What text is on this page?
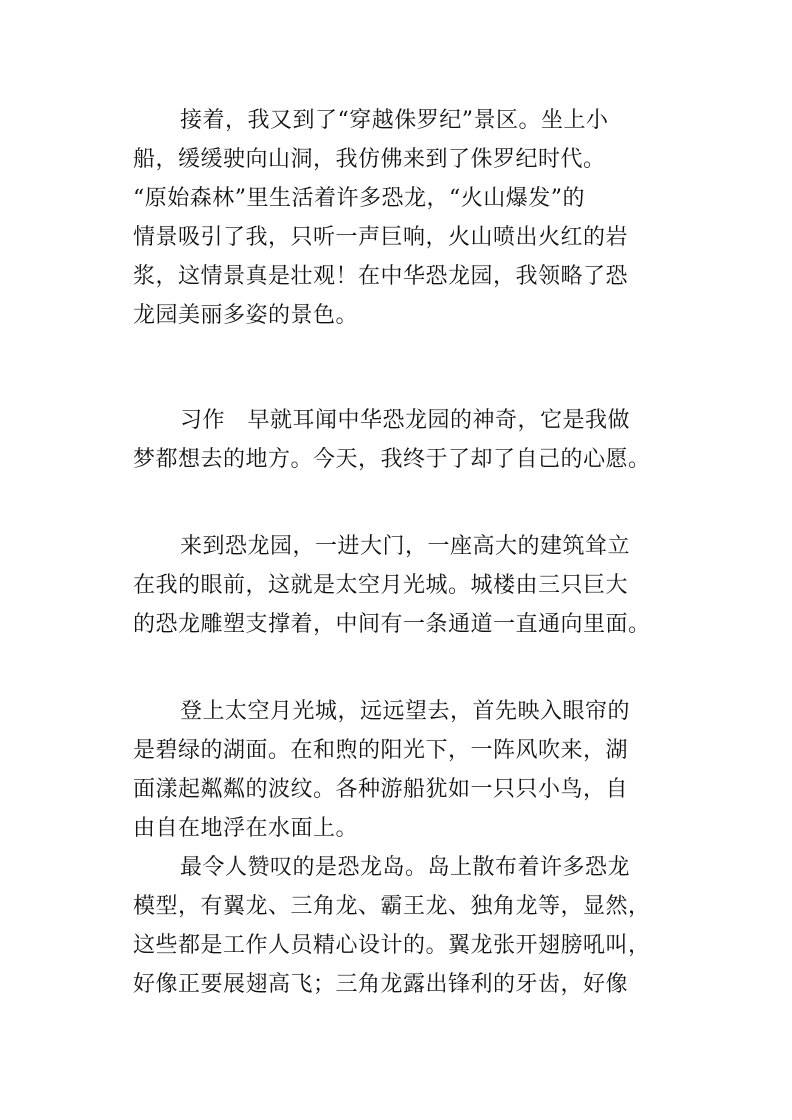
接着，我又到了“穿越侏罗纪”景区。坐上小
船，缓缓驶向山洞，我仿佛来到了侏罗纪时代。
“原始森林”里生活着许多恐龙，“火山爆发”的
情景吸引了我，只听一声巨响，火山喷出火红的岩
浆，这情景真是壮观！在中华恐龙园，我领略了恐
龙园美丽多姿的景色。
习作　早就耳闻中华恐龙园的神奇，它是我做
梦都想去的地方。今天，我终于了却了自己的心愿。
来到恐龙园，一进大门，一座高大的建筑耸立
在我的眼前，这就是太空月光城。城楼由三只巨大
的恐龙雕塑支撑着，中间有一条通道一直通向里面。
登上太空月光城，远远望去，首先映入眼帘的
是碧绿的湖面。在和煦的阳光下，一阵风吹来，湖
面漾起粼粼的波纹。各种游船犹如一只只小鸟，自
由自在地浮在水面上。
最令人赞叹的是恐龙岛。岛上散布着许多恐龙
模型，有翼龙、三角龙、霸王龙、独角龙等，显然，
这些都是工作人员精心设计的。翼龙张开翅膀吼叫，
好像正要展翅高飞；三角龙露出锋利的牙齿，好像
